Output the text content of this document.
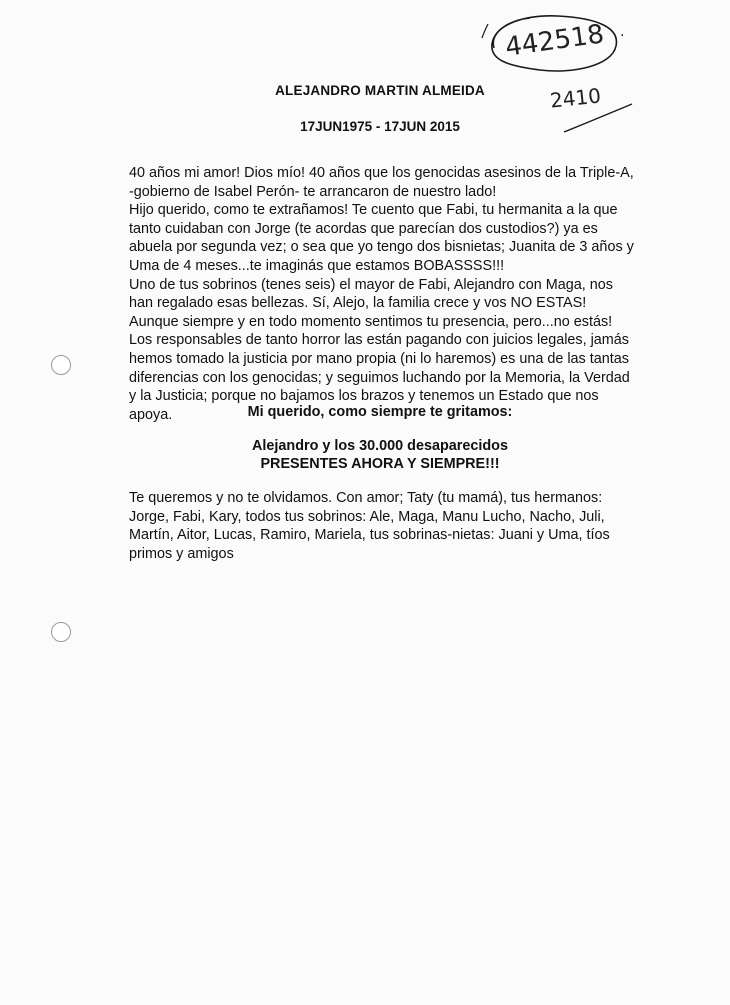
442518 .
2410
ALEJANDRO MARTIN ALMEIDA
17JUN1975 - 17JUN 2015

40 años mi amor! Dios mío! 40 años que los genocidas asesinos de la Triple-A,

-gobierno de Isabel Perón- te arrancaron de nuestro lado!

Hijo querido, como te extrañamos! Te cuento que Fabi, tu hermanita a la que

tanto cuidaban con Jorge (te acordas que parecían dos custodios?) ya es

abuela por segunda vez; o sea que yo tengo dos bisnietas; Juanita de 3 años y

Uma de 4 meses...te imaginás que estamos BOBASSSS!!!

Uno de tus sobrinos (tenes seis) el mayor de Fabi, Alejandro con Maga, nos

han regalado esas bellezas. Sí, Alejo, la familia crece y vos NO ESTAS!

Aunque siempre y en todo momento sentimos tu presencia, pero...no estás!

Los responsables de tanto horror las están pagando con juicios legales, jamás

hemos tomado la justicia por mano propia (ni lo haremos) es una de las tantas

diferencias con los genocidas; y seguimos luchando por la Memoria, la Verdad

y la Justicia; porque no bajamos los brazos y tenemos un Estado que nos

apoya.	Mi querido, como siempre te gritamos:
Alejandro y los 30.000 desaparecidos
PRESENTES AHORA Y SIEMPRE!!!

Te queremos y no te olvidamos. Con amor; Taty (tu mamá), tus hermanos:

Jorge, Fabi, Kary, todos tus sobrinos: Ale, Maga, Manu Lucho, Nacho, Juli,

Martín, Aitor, Lucas, Ramiro, Mariela, tus sobrinas-nietas: Juani y Uma, tíos

primos y amigos
